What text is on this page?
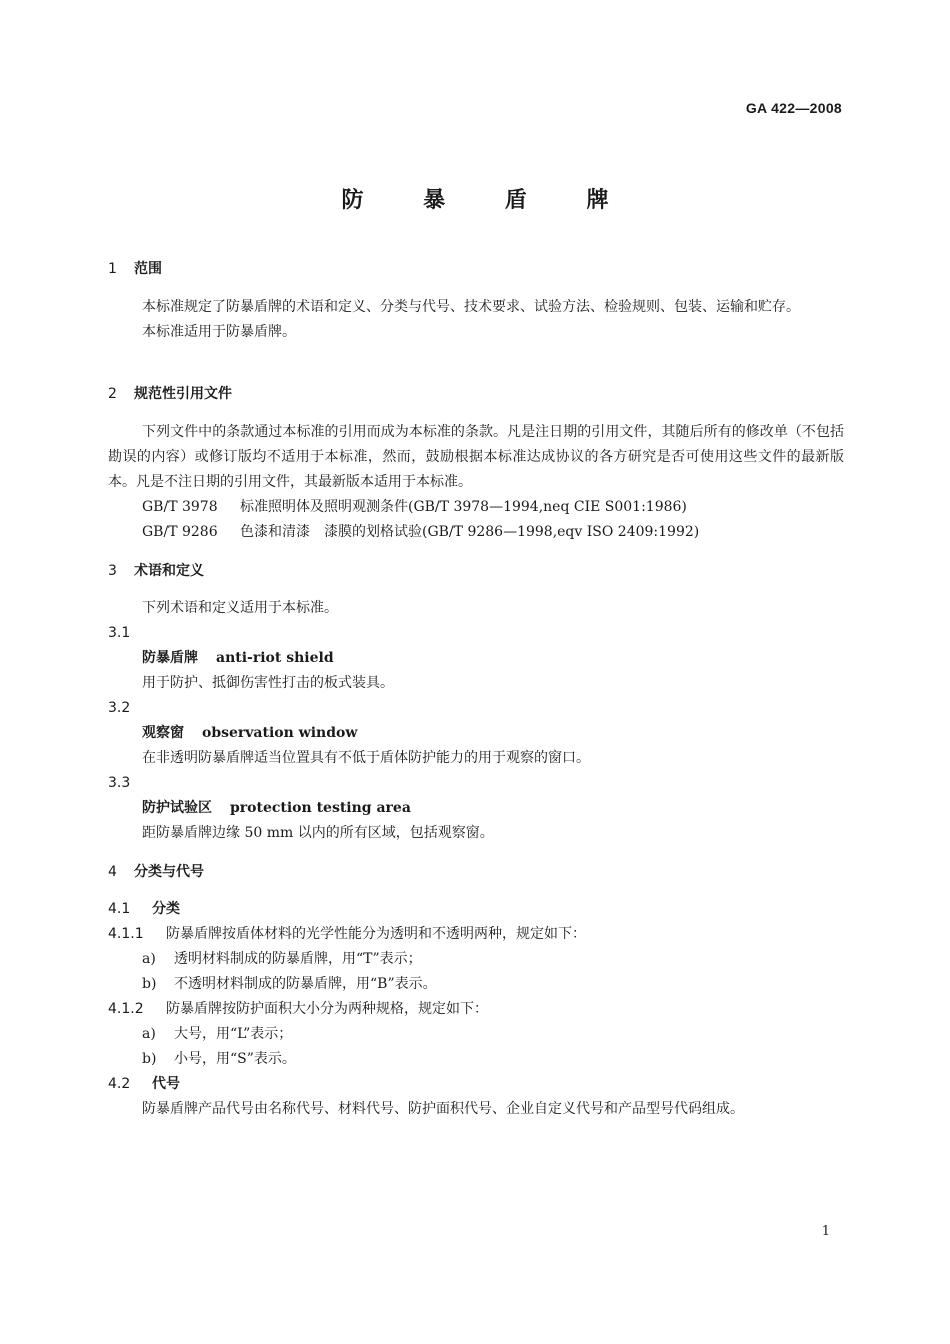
GA 422—2008
防 暴 盾 牌
1 范围
本标准规定了防暴盾牌的术语和定义、分类与代号、技术要求、试验方法、检验规则、包装、运输和贮存。
本标准适用于防暴盾牌。
2 规范性引用文件
下列文件中的条款通过本标准的引用而成为本标准的条款。凡是注日期的引用文件，其随后所有的修改单（不包括勘误的内容）或修订版均不适用于本标准，然而，鼓励根据本标准达成协议的各方研究是否可使用这些文件的最新版本。凡是不注日期的引用文件，其最新版本适用于本标准。
GB/T 3978 标准照明体及照明观测条件(GB/T 3978—1994,neq CIE S001:1986)
GB/T 9286 色漆和清漆　漆膜的划格试验(GB/T 9286—1998,eqv ISO 2409:1992)
3 术语和定义
下列术语和定义适用于本标准。
3.1
防暴盾牌 anti-riot shield
用于防护、抵御伤害性打击的板式装具。
3.2
观察窗 observation window
在非透明防暴盾牌适当位置具有不低于盾体防护能力的用于观察的窗口。
3.3
防护试验区 protection testing area
距防暴盾牌边缘 50 mm 以内的所有区域，包括观察窗。
4 分类与代号
4.1 分类
4.1.1 防暴盾牌按盾体材料的光学性能分为透明和不透明两种，规定如下：
a) 透明材料制成的防暴盾牌，用“T”表示；
b) 不透明材料制成的防暴盾牌，用“B”表示。
4.1.2 防暴盾牌按防护面积大小分为两种规格，规定如下：
a) 大号，用“L”表示；
b) 小号，用“S”表示。
4.2 代号
防暴盾牌产品代号由名称代号、材料代号、防护面积代号、企业自定义代号和产品型号代码组成。
1
